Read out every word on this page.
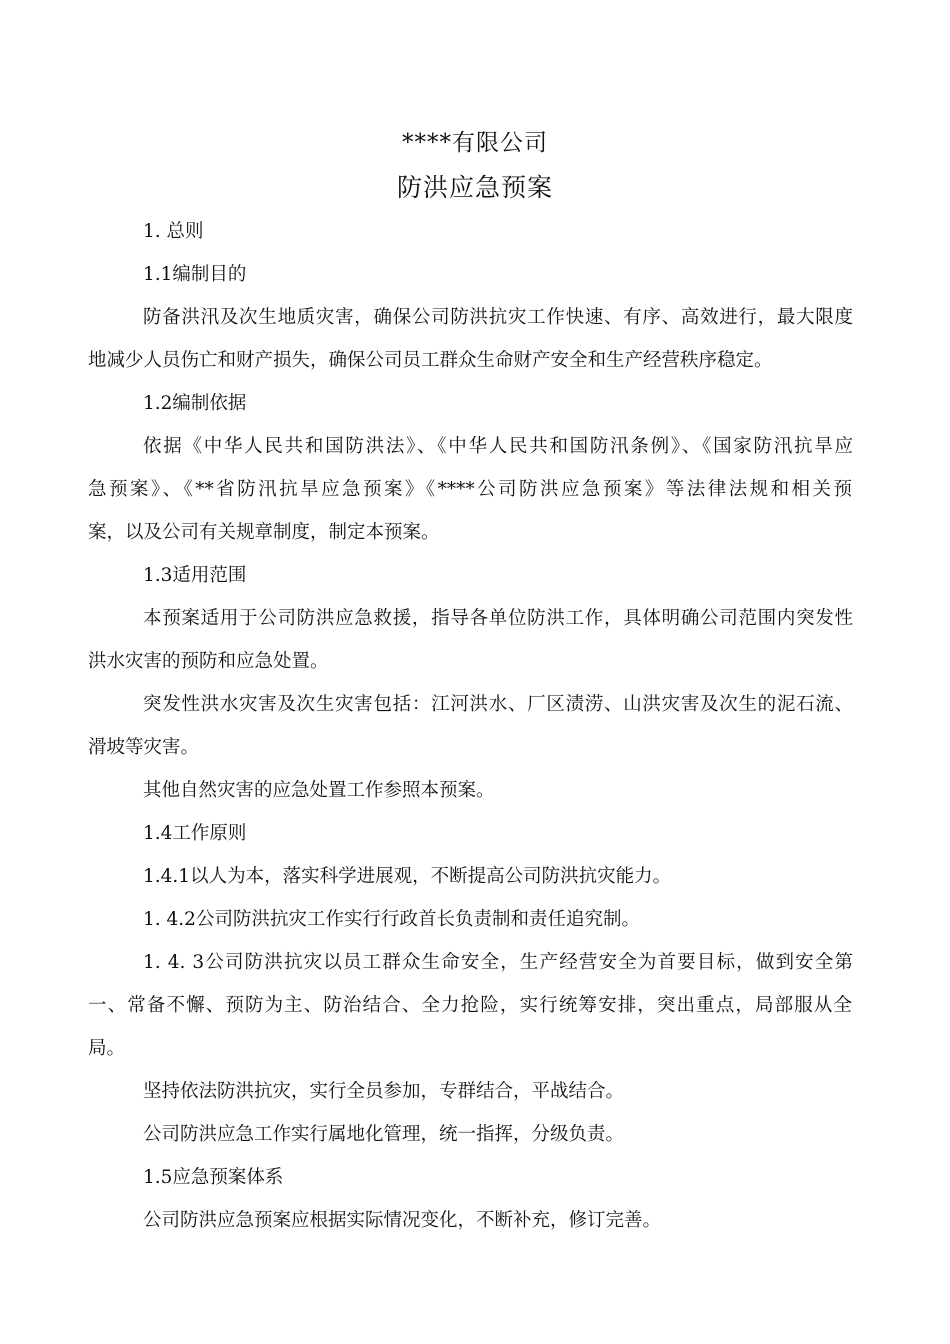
****有限公司
防洪应急预案
1. 总则
1.1编制目的
防备洪汛及次生地质灾害，确保公司防洪抗灾工作快速、有序、高效进行，最大限度
地减少人员伤亡和财产损失，确保公司员工群众生命财产安全和生产经营秩序稳定。
1.2编制依据
依据《中华人民共和国防洪法》、《中华人民共和国防汛条例》、《国家防汛抗旱应
急预案》、《**省防汛抗旱应急预案》《****公司防洪应急预案》等法律法规和相关预
案，以及公司有关规章制度，制定本预案。
1.3适用范围
本预案适用于公司防洪应急救援，指导各单位防洪工作，具体明确公司范围内突发性
洪水灾害的预防和应急处置。
突发性洪水灾害及次生灾害包括：江河洪水、厂区渍涝、山洪灾害及次生的泥石流、
滑坡等灾害。
其他自然灾害的应急处置工作参照本预案。
1.4工作原则
1.4.1以人为本，落实科学进展观，不断提高公司防洪抗灾能力。
1. 4.2公司防洪抗灾工作实行行政首长负责制和责任追究制。
1. 4. 3公司防洪抗灾以员工群众生命安全，生产经营安全为首要目标，做到安全第
一、常备不懈、预防为主、防治结合、全力抢险，实行统筹安排，突出重点，局部服从全
局。
坚持依法防洪抗灾，实行全员参加，专群结合，平战结合。
公司防洪应急工作实行属地化管理，统一指挥，分级负责。
1.5应急预案体系
公司防洪应急预案应根据实际情况变化，不断补充，修订完善。
